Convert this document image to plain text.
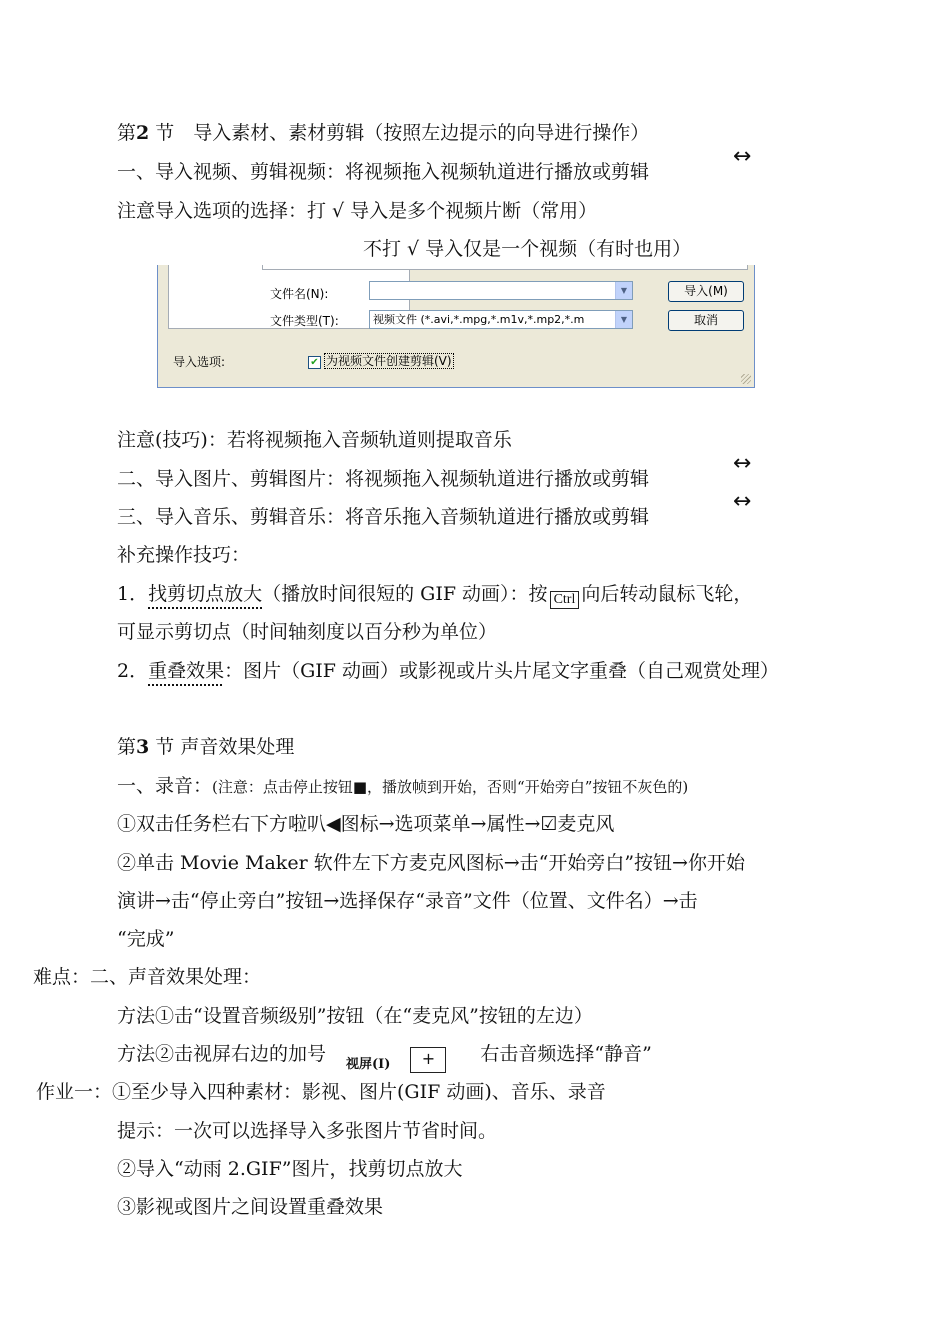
第2 节　导入素材、素材剪辑（按照左边提示的向导进行操作）
一、导入视频、剪辑视频：将视频拖入视频轨道进行播放或剪辑
↔
注意导入选项的选择：打 √ 导入是多个视频片断（常用）
不打 √ 导入仅是一个视频（有时也用）
文件名(N):	▼
文件类型(T):	视频文件 (*.avi,*.mpg,*.m1v,*.mp2,*.m	▼
导入(M)
取消
导入选项:	✔ 为视频文件创建剪辑(V)
注意(技巧)：若将视频拖入音频轨道则提取音乐
二、导入图片、剪辑图片：将视频拖入视频轨道进行播放或剪辑
↔
三、导入音乐、剪辑音乐：将音乐拖入音频轨道进行播放或剪辑
↔
补充操作技巧：
1．找剪切点放大（播放时间很短的 GIF 动画）：按 Ctrl 向后转动鼠标飞轮，
可显示剪切点（时间轴刻度以百分秒为单位）
2．重叠效果：图片（GIF 动画）或影视或片头片尾文字重叠（自己观赏处理）
第3 节 声音效果处理
一、录音：(注意：点击停止按钮■，播放帧到开始，否则“开始旁白”按钮不灰色的)
①双击任务栏右下方啦叭◀图标→选项菜单→属性→☑麦克风
②单击 Movie Maker 软件左下方麦克风图标→击“开始旁白”按钮→你开始
演讲→击“停止旁白”按钮→选择保存“录音”文件（位置、文件名）→击
“完成”
难点：二、声音效果处理：
方法①击“设置音频级别”按钮（在“麦克风”按钮的左边）
方法②击视屏右边的加号 $_{视屏(I)}$ + 右击音频选择“静音”
作业一：①至少导入四种素材：影视、图片(GIF 动画)、音乐、录音
提示：一次可以选择导入多张图片节省时间。
②导入“动雨 2.GIF”图片，找剪切点放大
③影视或图片之间设置重叠效果
